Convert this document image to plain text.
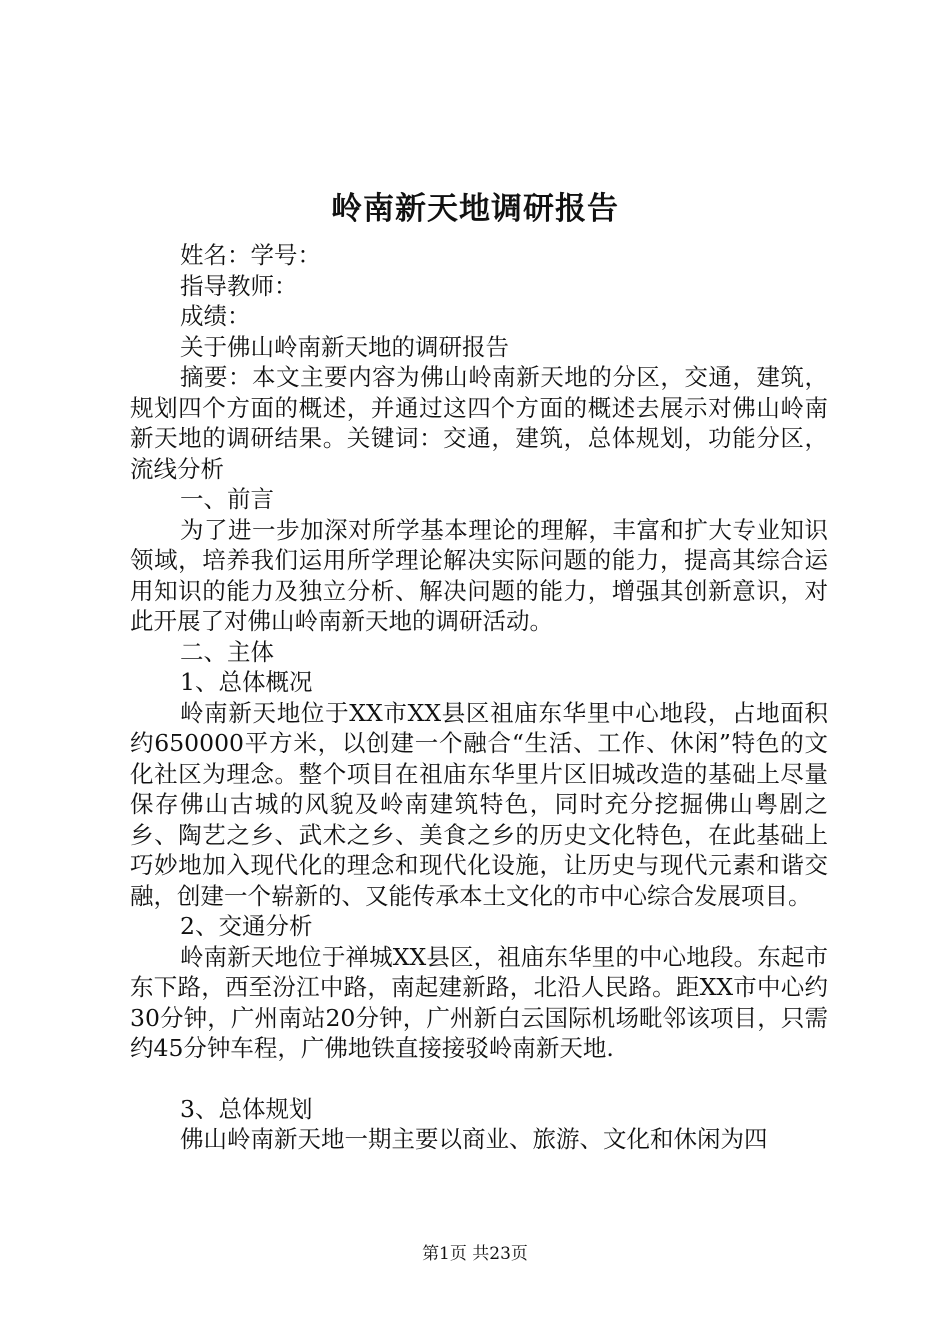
岭南新天地调研报告
姓名：学号：
指导教师：
成绩：
关于佛山岭南新天地的调研报告
摘要：本文主要内容为佛山岭南新天地的分区，交通，建筑，规划四个方面的概述，并通过这四个方面的概述去展示对佛山岭南新天地的调研结果。关键词：交通，建筑，总体规划，功能分区，流线分析
一、前言
为了进一步加深对所学基本理论的理解，丰富和扩大专业知识领域，培养我们运用所学理论解决实际问题的能力，提高其综合运用知识的能力及独立分析、解决问题的能力，增强其创新意识，对此开展了对佛山岭南新天地的调研活动。
二、主体
1、总体概况
岭南新天地位于XX市XX县区祖庙东华里中心地段，占地面积约650000平方米，以创建一个融合“生活、工作、休闲”特色的文化社区为理念。整个项目在祖庙东华里片区旧城改造的基础上尽量保存佛山古城的风貌及岭南建筑特色，同时充分挖掘佛山粤剧之乡、陶艺之乡、武术之乡、美食之乡的历史文化特色，在此基础上巧妙地加入现代化的理念和现代化设施，让历史与现代元素和谐交融，创建一个崭新的、又能传承本土文化的市中心综合发展项目。
2、交通分析
岭南新天地位于禅城XX县区，祖庙东华里的中心地段。东起市东下路，西至汾江中路，南起建新路，北沿人民路。距XX市中心约30分钟，广州南站20分钟，广州新白云国际机场毗邻该项目，只需约45分钟车程，广佛地铁直接接驳岭南新天地.
3、总体规划
佛山岭南新天地一期主要以商业、旅游、文化和休闲为四
第1页 共23页
